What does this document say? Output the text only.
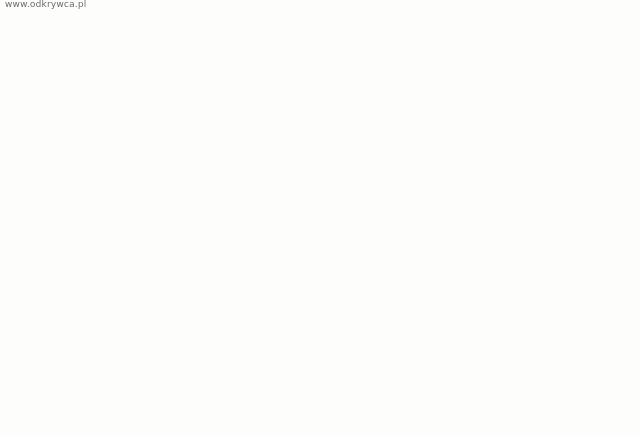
www.odkrywca.pl
